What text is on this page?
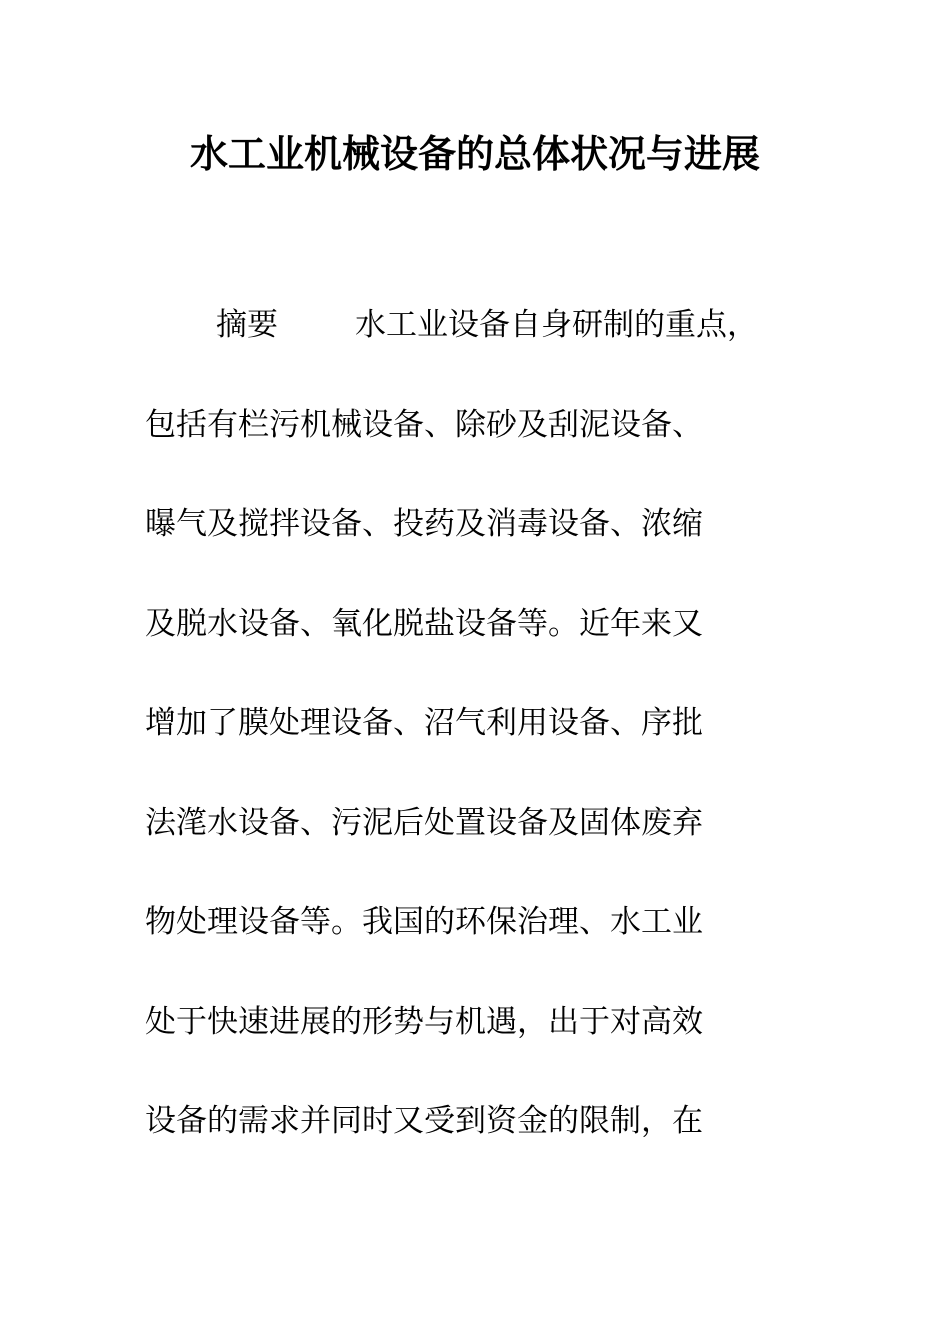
水工业机械设备的总体状况与进展
摘要 水工业设备自身研制的重点，
包括有栏污机械设备、除砂及刮泥设备、
曝气及搅拌设备、投药及消毒设备、浓缩
及脱水设备、氧化脱盐设备等。近年来又
增加了膜处理设备、沼气利用设备、序批
法滗水设备、污泥后处置设备及固体废弃
物处理设备等。我国的环保治理、水工业
处于快速进展的形势与机遇，出于对高效
设备的需求并同时又受到资金的限制，在
